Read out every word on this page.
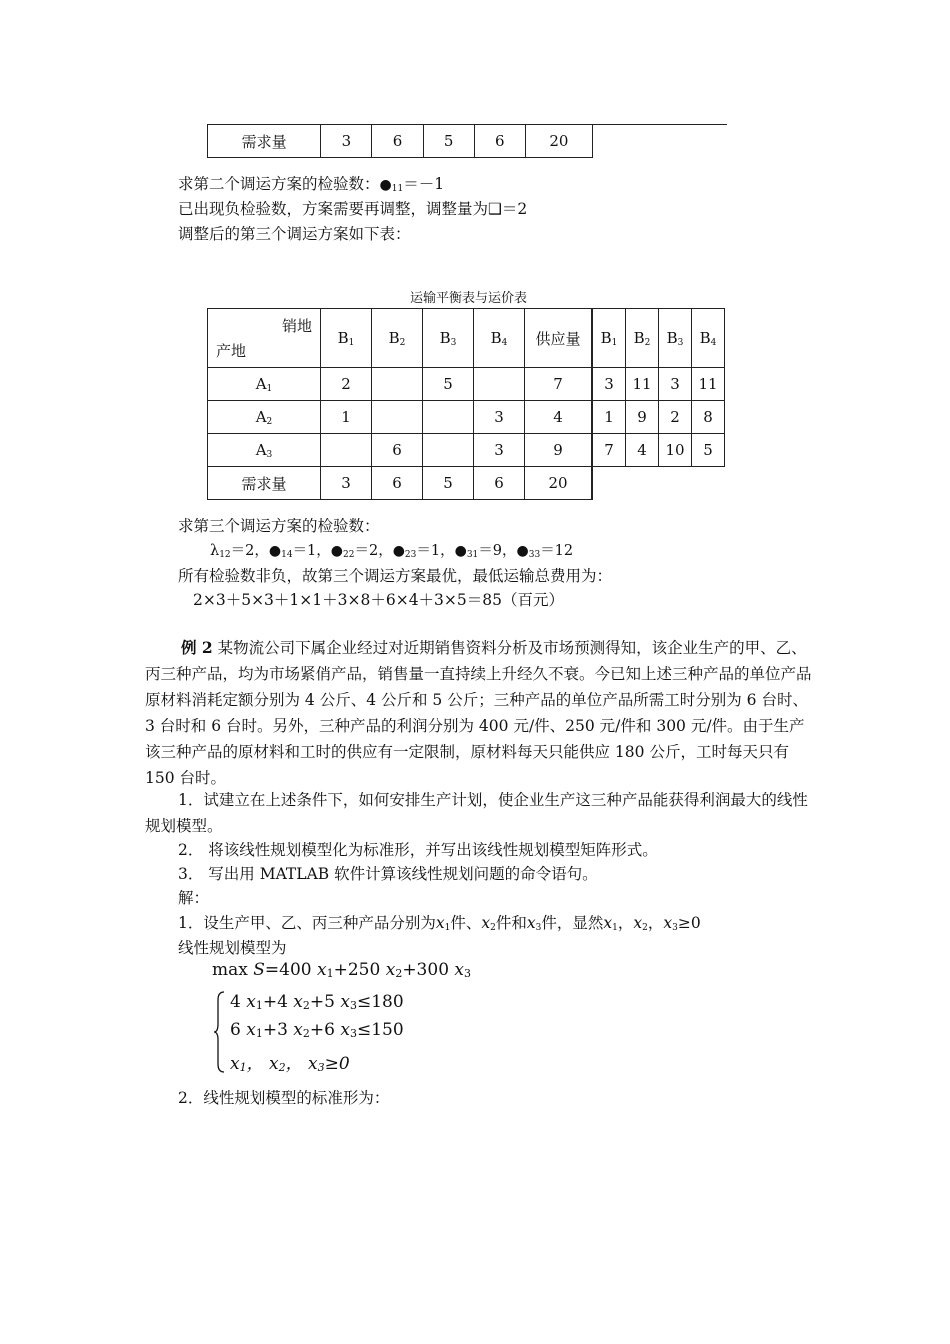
需求量	3	6	5	6	20
求第二个调运方案的检验数：$●_{11}=-1$
已出现负检验数，方案需要再调整，调整量为❑＝2
调整后的第三个调运方案如下表：
运输平衡表与运价表
销地
产地	$B_1$	$B_2$	$B_3$	$B_4$	供应量	$B_1$	$B_2$	$B_3$	$B_4$
$A_1$	2		5		7	3	11	3	11
$A_2$	1			3	4	1	9	2	8
$A_3$		6		3	9	7	4	10	5
需求量	3	6	5	6	20				
求第三个调运方案的检验数：
$\lambda_{12}=2$，$●_{14}=1$，$●_{22}=2$，$●_{23}=1$，$●_{31}=9$，$●_{33}=12$
所有检验数非负，故第三个调运方案最优，最低运输总费用为：
2×3＋5×3＋1×1＋3×8＋6×4＋3×5＝85（百元）
例 2 某物流公司下属企业经过对近期销售资料分析及市场预测得知，该企业生产的甲、乙、丙三种产品，均为市场紧俏产品，销售量一直持续上升经久不衰。今已知上述三种产品的单位产品原材料消耗定额分别为 4 公斤、4 公斤和 5 公斤；三种产品的单位产品所需工时分别为 6 台时、3 台时和 6 台时。另外，三种产品的利润分别为 400 元/件、250 元/件和 300 元/件。由于生产该三种产品的原材料和工时的供应有一定限制，原材料每天只能供应 180 公斤，工时每天只有 150 台时。
1．试建立在上述条件下，如何安排生产计划，使企业生产这三种产品能获得利润最大的线性规划模型。
2． 将该线性规划模型化为标准形，并写出该线性规划模型矩阵形式。
3． 写出用 MATLAB 软件计算该线性规划问题的命令语句。
解：
1．设生产甲、乙、丙三种产品分别为$x_1$件、$x_2$件和$x_3$件，显然$x_1$，$x_2$，$x_3\ge 0$
线性规划模型为
max S=400 $x_1+250$ $x_2+300$ $x_3$
4 $x_1+4$ $x_2+5$ $x_3\le 180$
6 $x_1+3$ $x_2+6$ $x_3\le 150$
$x_1$， $x_2$， $x_3\ge 0$
2．线性规划模型的标准形为：
